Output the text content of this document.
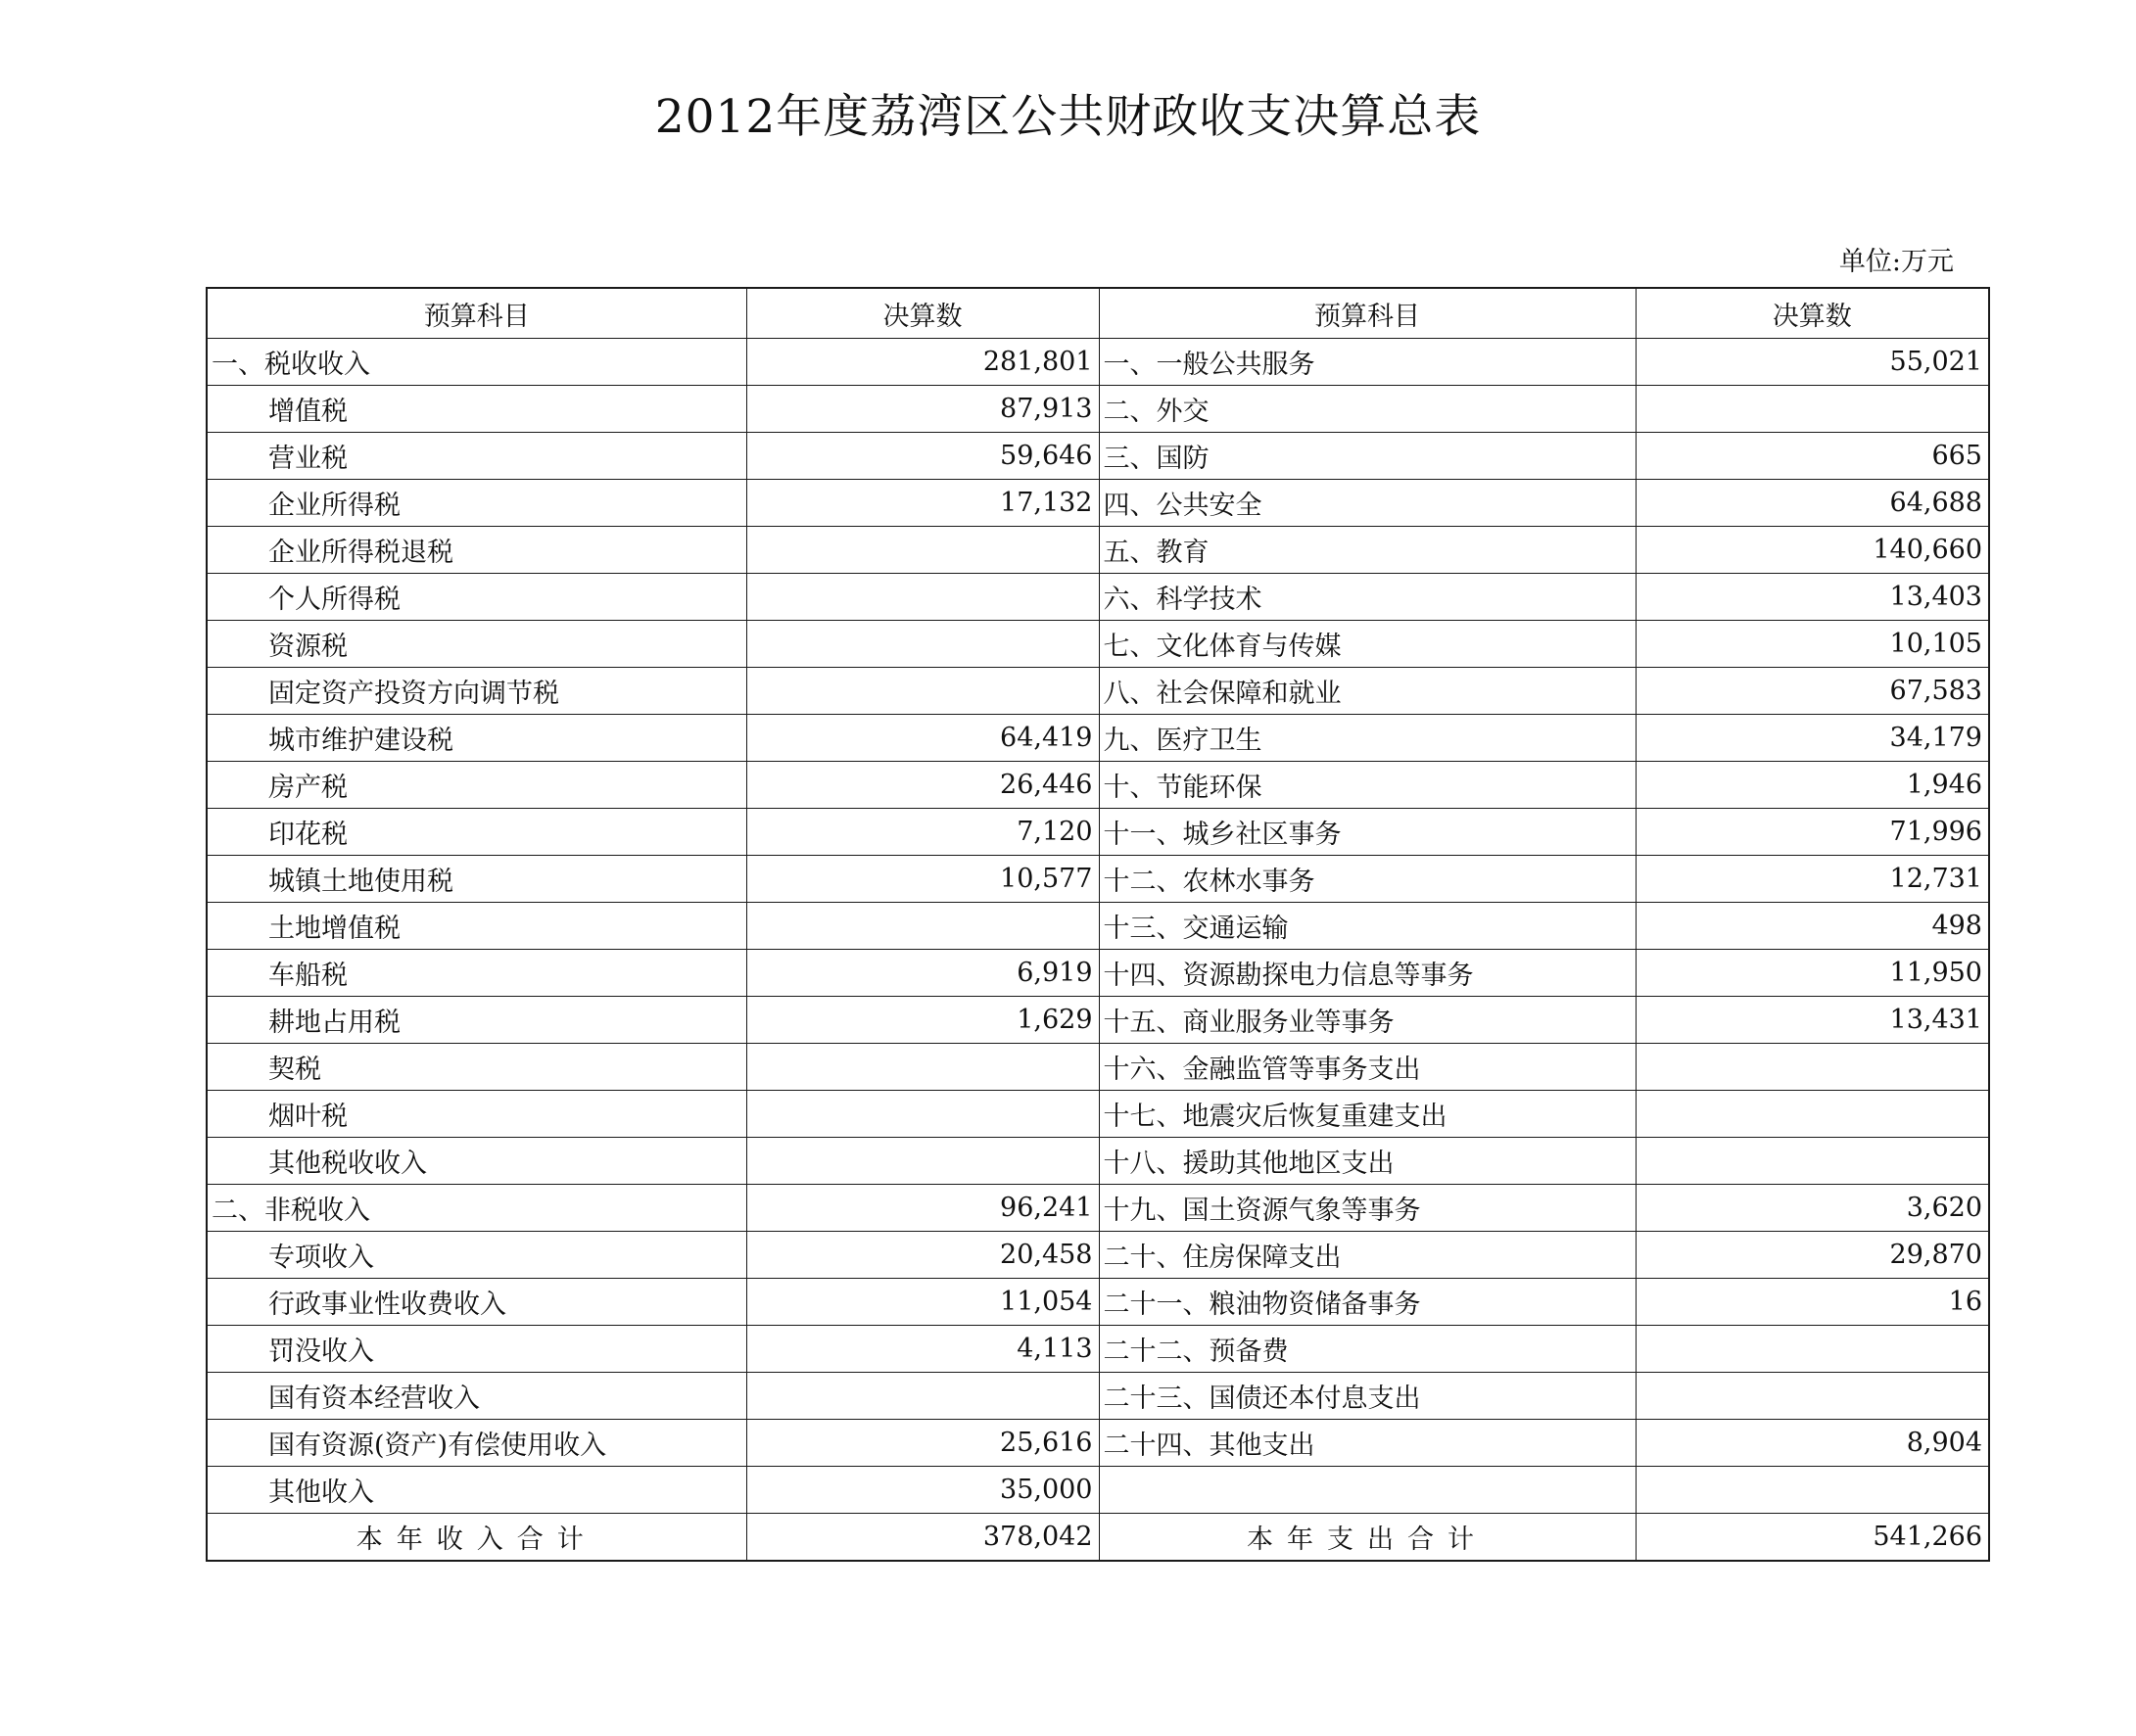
2012年度荔湾区公共财政收支决算总表
单位:万元
预算科目	决算数	预算科目	决算数
一、税收收入	281,801	一、一般公共服务	55,021
增值税	87,913	二、外交	
营业税	59,646	三、国防	665
企业所得税	17,132	四、公共安全	64,688
企业所得税退税		五、教育	140,660
个人所得税		六、科学技术	13,403
资源税		七、文化体育与传媒	10,105
固定资产投资方向调节税		八、社会保障和就业	67,583
城市维护建设税	64,419	九、医疗卫生	34,179
房产税	26,446	十、节能环保	1,946
印花税	7,120	十一、城乡社区事务	71,996
城镇土地使用税	10,577	十二、农林水事务	12,731
土地增值税		十三、交通运输	498
车船税	6,919	十四、资源勘探电力信息等事务	11,950
耕地占用税	1,629	十五、商业服务业等事务	13,431
契税		十六、金融监管等事务支出	
烟叶税		十七、地震灾后恢复重建支出	
其他税收收入		十八、援助其他地区支出	
二、非税收入	96,241	十九、国土资源气象等事务	3,620
专项收入	20,458	二十、住房保障支出	29,870
行政事业性收费收入	11,054	二十一、粮油物资储备事务	16
罚没收入	4,113	二十二、预备费	
国有资本经营收入		二十三、国债还本付息支出	
国有资源(资产)有偿使用收入	25,616	二十四、其他支出	8,904
其他收入	35,000		
本年收入合计	378,042	本年支出合计	541,266
